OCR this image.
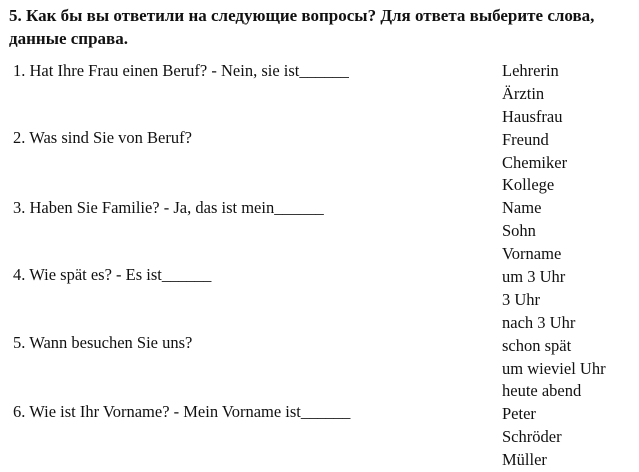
5. Как бы вы ответили на следующие вопросы? Для ответа выберите слова, данные справа.

1. Hat Ihre Frau einen Beruf? - Nein, sie ist______

2. Was sind Sie von Beruf?

3. Haben Sie Familie? - Ja, das ist mein______

4. Wie spät es? - Es ist______

5. Wann besuchen Sie uns?

6. Wie ist Ihr Vorname? - Mein Vorname ist______

Lehrerin
Ärztin
Hausfrau
Freund
Chemiker
Kollege
Name
Sohn
Vorname
um 3 Uhr
3 Uhr
nach 3 Uhr
schon spät
um wieviel Uhr
heute abend
Peter
Schröder
Müller
